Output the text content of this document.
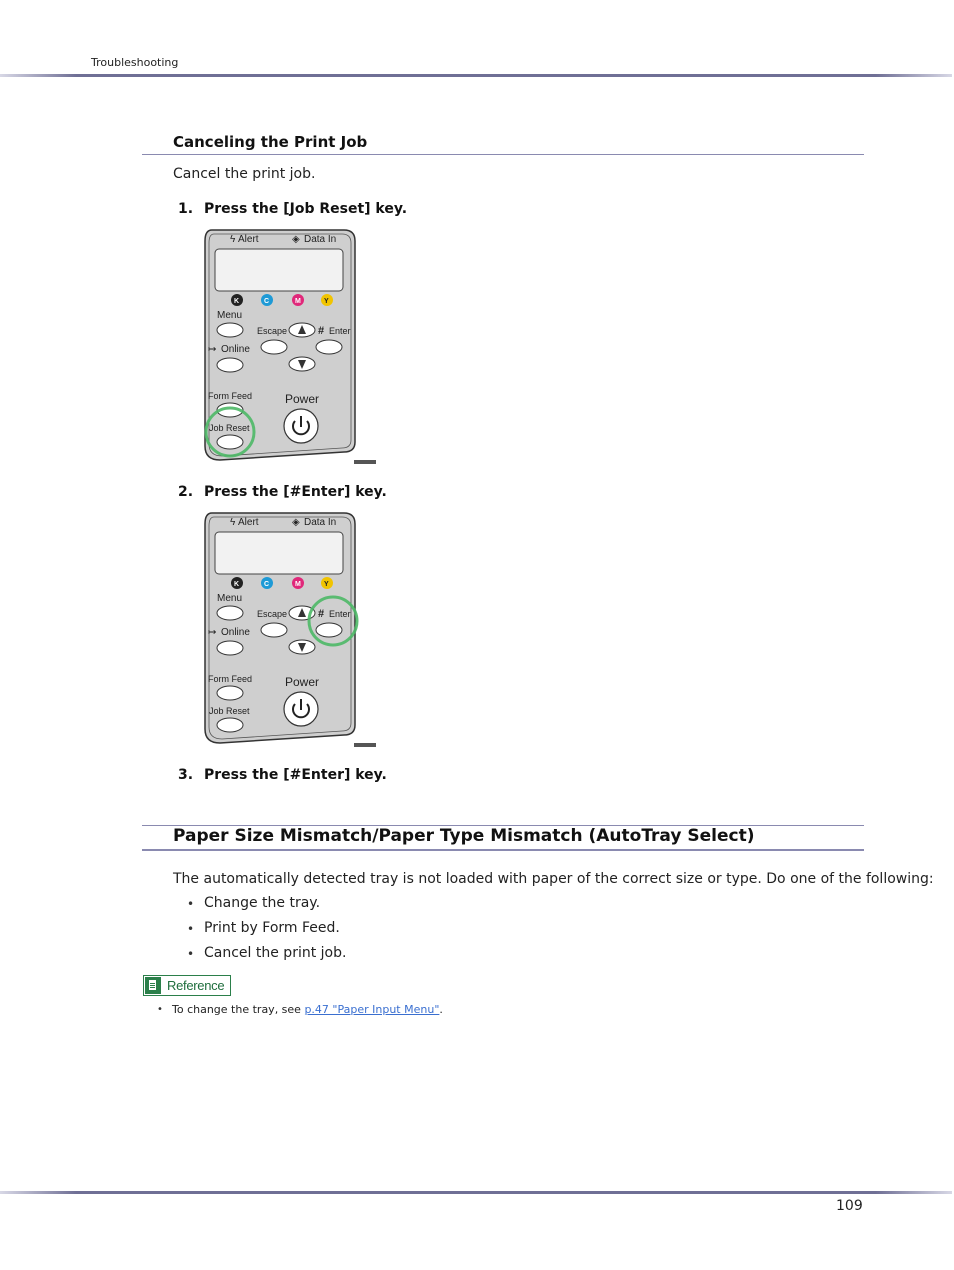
Troubleshooting
Canceling the Print Job
Cancel the print job.
1. Press the [Job Reset] key.
ϟ Alert	◈ Data In
K	C	M	Y
Menu
Escape	# Enter
↦ Online
Form Feed	Power
Job Reset
2. Press the [#Enter] key.
ϟ Alert	◈ Data In
K	C	M	Y
Menu
Escape	# Enter
↦ Online
Form Feed	Power
Job Reset
3. Press the [#Enter] key.
Paper Size Mismatch/Paper Type Mismatch (AutoTray Select)
The automatically detected tray is not loaded with paper of the correct size or type. Do one of the following:
• Change the tray.
• Print by Form Feed.
• Cancel the print job.
Reference
• To change the tray, see p.47 "Paper Input Menu".
109
